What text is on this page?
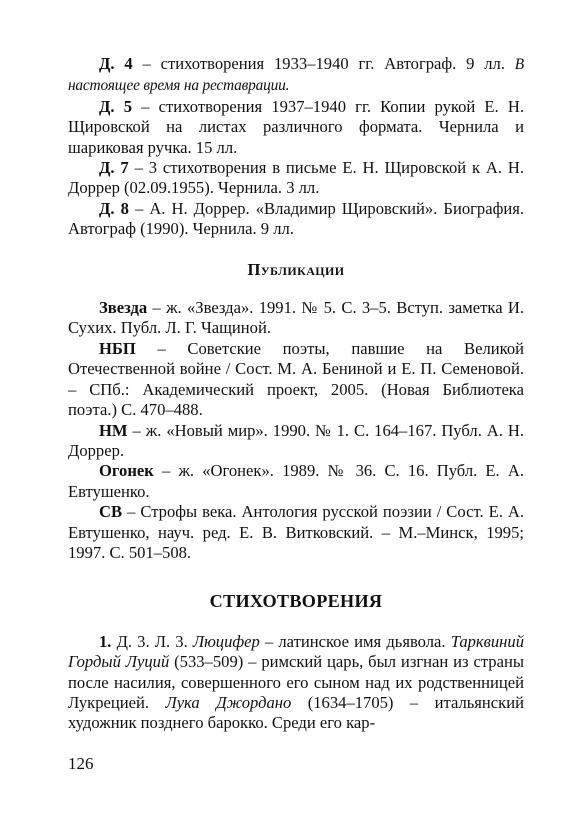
Д. 4 – стихотворения 1933–1940 гг. Автограф. 9 лл. В настоящее время на реставрации.

Д. 5 – стихотворения 1937–1940 гг. Копии рукой Е. Н. Щировской на листах различного формата. Чернила и шариковая ручка. 15 лл.

Д. 7 – 3 стихотворения в письме Е. Н. Щировской к А. Н. Доррер (02.09.1955). Чернила. 3 лл.

Д. 8 – А. Н. Доррер. «Владимир Щировский». Биография. Автограф (1990). Чернила. 9 лл.

Публикации

Звезда – ж. «Звезда». 1991. № 5. С. 3–5. Вступ. заметка И. Сухих. Публ. Л. Г. Чащиной.

НБП – Советские поэты, павшие на Великой Отечественной войне / Сост. М. А. Бениной и Е. П. Семеновой. – СПб.: Академический проект, 2005. (Новая Библиотека поэта.) С. 470–488.

НМ – ж. «Новый мир». 1990. № 1. С. 164–167. Публ. А. Н. Доррер.

Огонек – ж. «Огонек». 1989. № 36. С. 16. Публ. Е. А. Евтушенко.

СВ – Строфы века. Антология русской поэзии / Сост. Е. А. Евтушенко, науч. ред. Е. В. Витковский. – М.–Минск, 1995; 1997. С. 501–508.

СТИХОТВОРЕНИЯ

1. Д. 3. Л. 3. Люцифер – латинское имя дьявола. Тарквиний Гордый Луций (533–509) – римский царь, был изгнан из страны после насилия, совершенного его сыном над их родственницей Лукрецией. Лука Джордано (1634–1705) – итальянский художник позднего барокко. Среди его кар-

126
